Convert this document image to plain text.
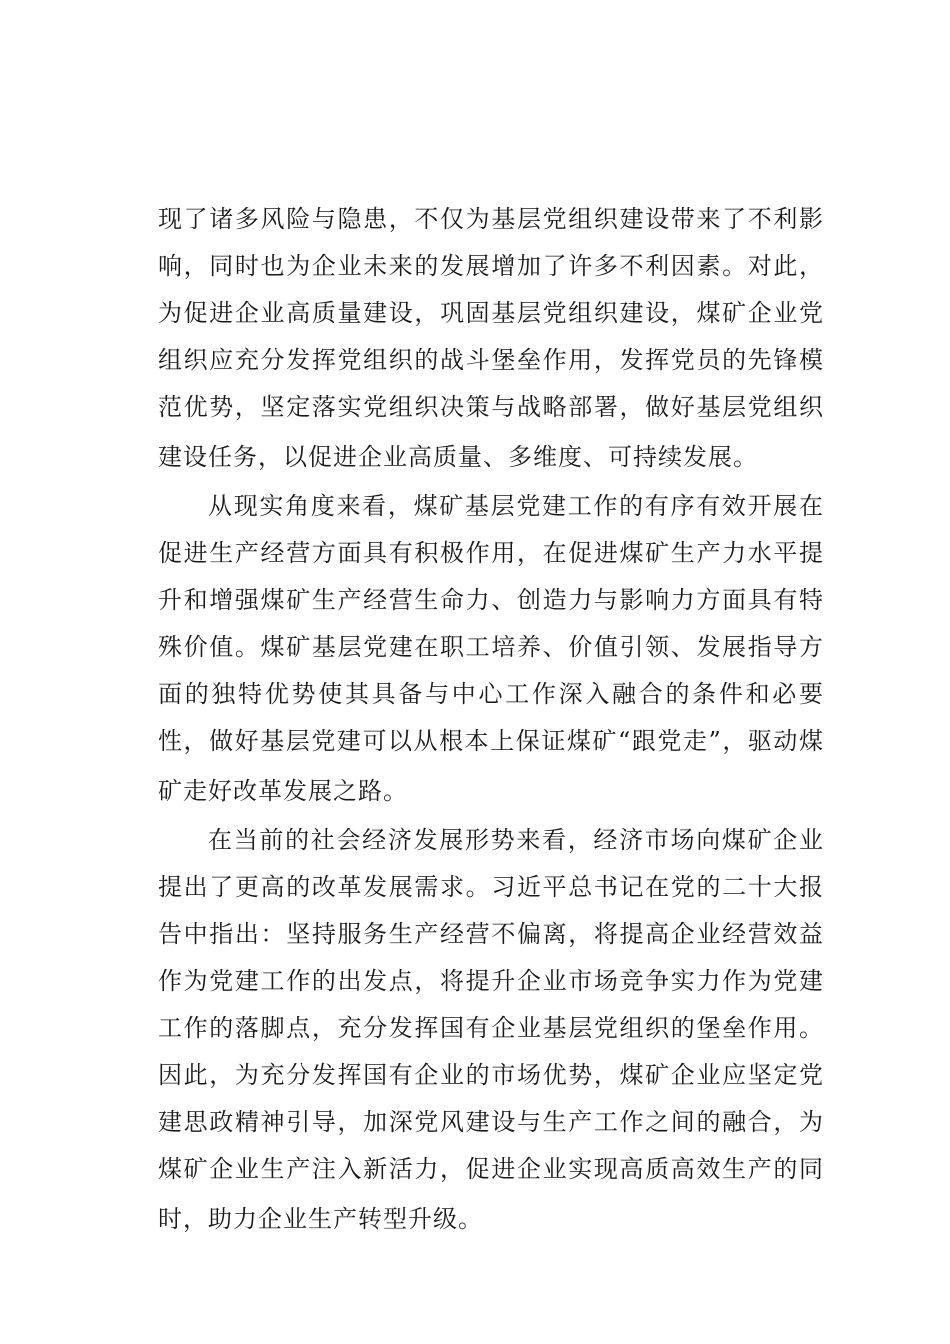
现了诸多风险与隐患，不仅为基层党组织建设带来了不利影
响，同时也为企业未来的发展增加了许多不利因素。对此，
为促进企业高质量建设，巩固基层党组织建设，煤矿企业党
组织应充分发挥党组织的战斗堡垒作用，发挥党员的先锋模
范优势，坚定落实党组织决策与战略部署，做好基层党组织
建设任务，以促进企业高质量、多维度、可持续发展。
从现实角度来看，煤矿基层党建工作的有序有效开展在
促进生产经营方面具有积极作用，在促进煤矿生产力水平提
升和增强煤矿生产经营生命力、创造力与影响力方面具有特
殊价值。煤矿基层党建在职工培养、价值引领、发展指导方
面的独特优势使其具备与中心工作深入融合的条件和必要
性，做好基层党建可以从根本上保证煤矿“跟党走”，驱动煤
矿走好改革发展之路。
在当前的社会经济发展形势来看，经济市场向煤矿企业
提出了更高的改革发展需求。习近平总书记在党的二十大报
告中指出：坚持服务生产经营不偏离，将提高企业经营效益
作为党建工作的出发点，将提升企业市场竞争实力作为党建
工作的落脚点，充分发挥国有企业基层党组织的堡垒作用。
因此，为充分发挥国有企业的市场优势，煤矿企业应坚定党
建思政精神引导，加深党风建设与生产工作之间的融合，为
煤矿企业生产注入新活力，促进企业实现高质高效生产的同
时，助力企业生产转型升级。
